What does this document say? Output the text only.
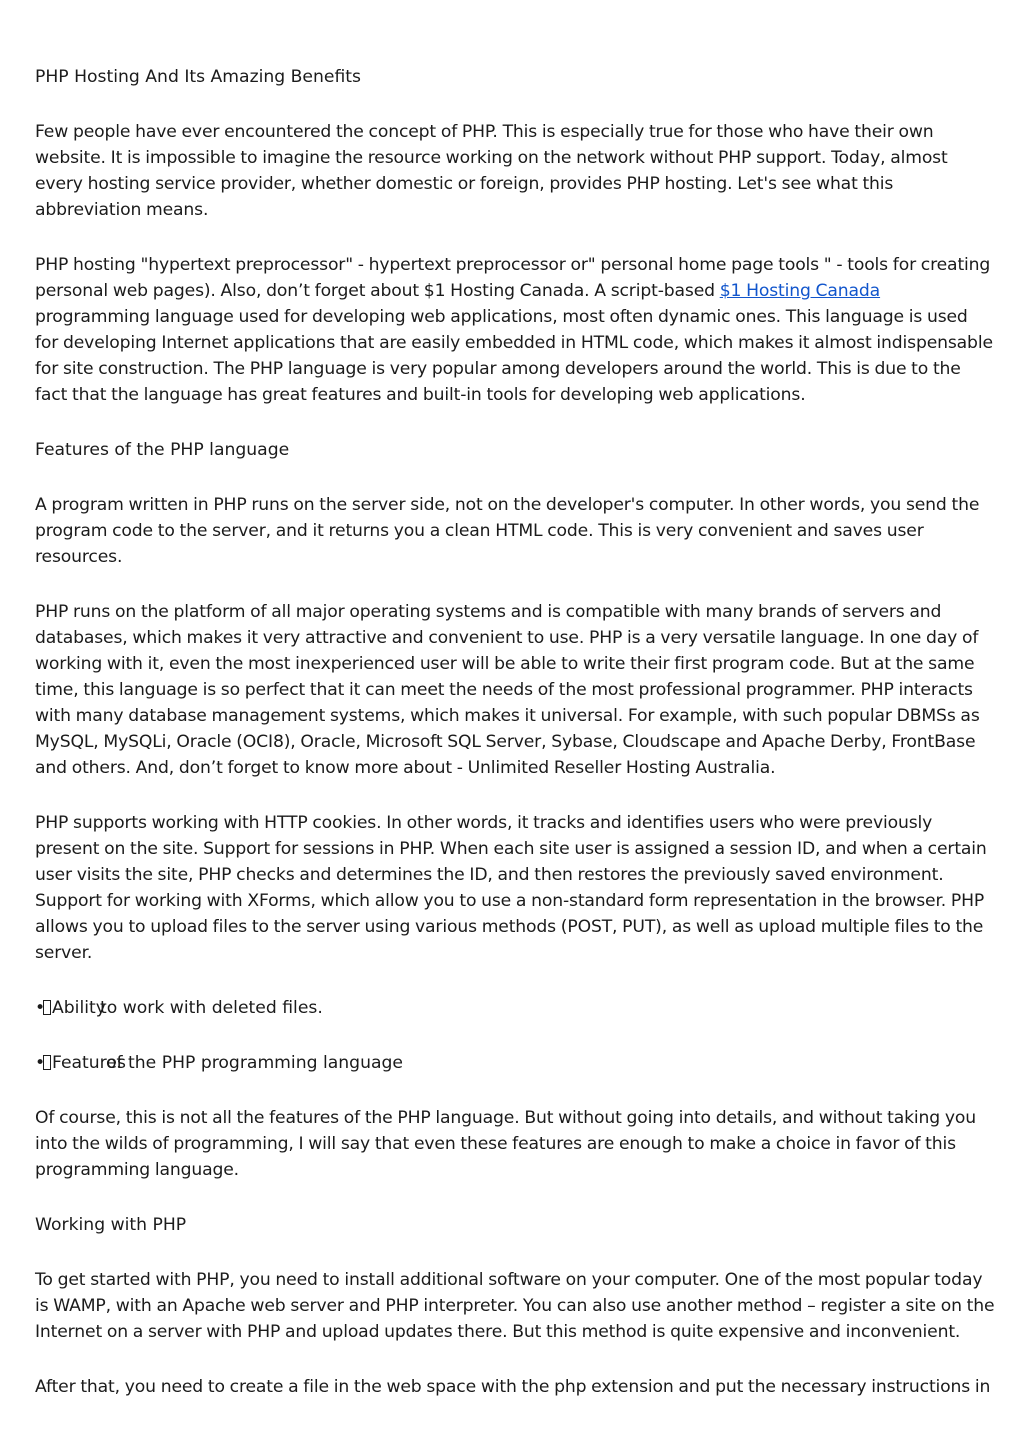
PHP Hosting And Its Amazing Benefits

Few people have ever encountered the concept of PHP. This is especially true for those who have their own website. It is impossible to imagine the resource working on the network without PHP support. Today, almost every hosting service provider, whether domestic or foreign, provides PHP hosting. Let's see what this abbreviation means.

PHP hosting "hypertext preprocessor" - hypertext preprocessor or" personal home page tools " - tools for creating personal web pages). Also, don’t forget about $1 Hosting Canada. A script-based $1 Hosting Canada programming language used for developing web applications, most often dynamic ones. This language is used for developing Internet applications that are easily embedded in HTML code, which makes it almost indispensable for site construction. The PHP language is very popular among developers around the world. This is due to the fact that the language has great features and built-in tools for developing web applications.

Features of the PHP language

A program written in PHP runs on the server side, not on the developer's computer. In other words, you send the program code to the server, and it returns you a clean HTML code. This is very convenient and saves user resources.

PHP runs on the platform of all major operating systems and is compatible with many brands of servers and databases, which makes it very attractive and convenient to use. PHP is a very versatile language. In one day of working with it, even the most inexperienced user will be able to write their first program code. But at the same time, this language is so perfect that it can meet the needs of the most professional programmer. PHP interacts with many database management systems, which makes it universal. For example, with such popular DBMSs as MySQL, MySQLi, Oracle (OCI8), Oracle, Microsoft SQL Server, Sybase, Cloudscape and Apache Derby, FrontBase and others. And, don’t forget to know more about - Unlimited Reseller Hosting Australia.

PHP supports working with HTTP cookies. In other words, it tracks and identifies users who were previously present on the site. Support for sessions in PHP. When each site user is assigned a session ID, and when a certain user visits the site, PHP checks and determines the ID, and then restores the previously saved environment. Support for working with XForms, which allow you to use a non-standard form representation in the browser. PHP allows you to upload files to the server using various methods (POST, PUT), as well as upload multiple files to the server.

• Abilityto work with deleted files.

• Featuresof the PHP programming language

Of course, this is not all the features of the PHP language. But without going into details, and without taking you into the wilds of programming, I will say that even these features are enough to make a choice in favor of this programming language.

Working with PHP

To get started with PHP, you need to install additional software on your computer. One of the most popular today is WAMP, with an Apache web server and PHP interpreter. You can also use another method – register a site on the Internet on a server with PHP and upload updates there. But this method is quite expensive and inconvenient.

After that, you need to create a file in the web space with the php extension and put the necessary instructions in
